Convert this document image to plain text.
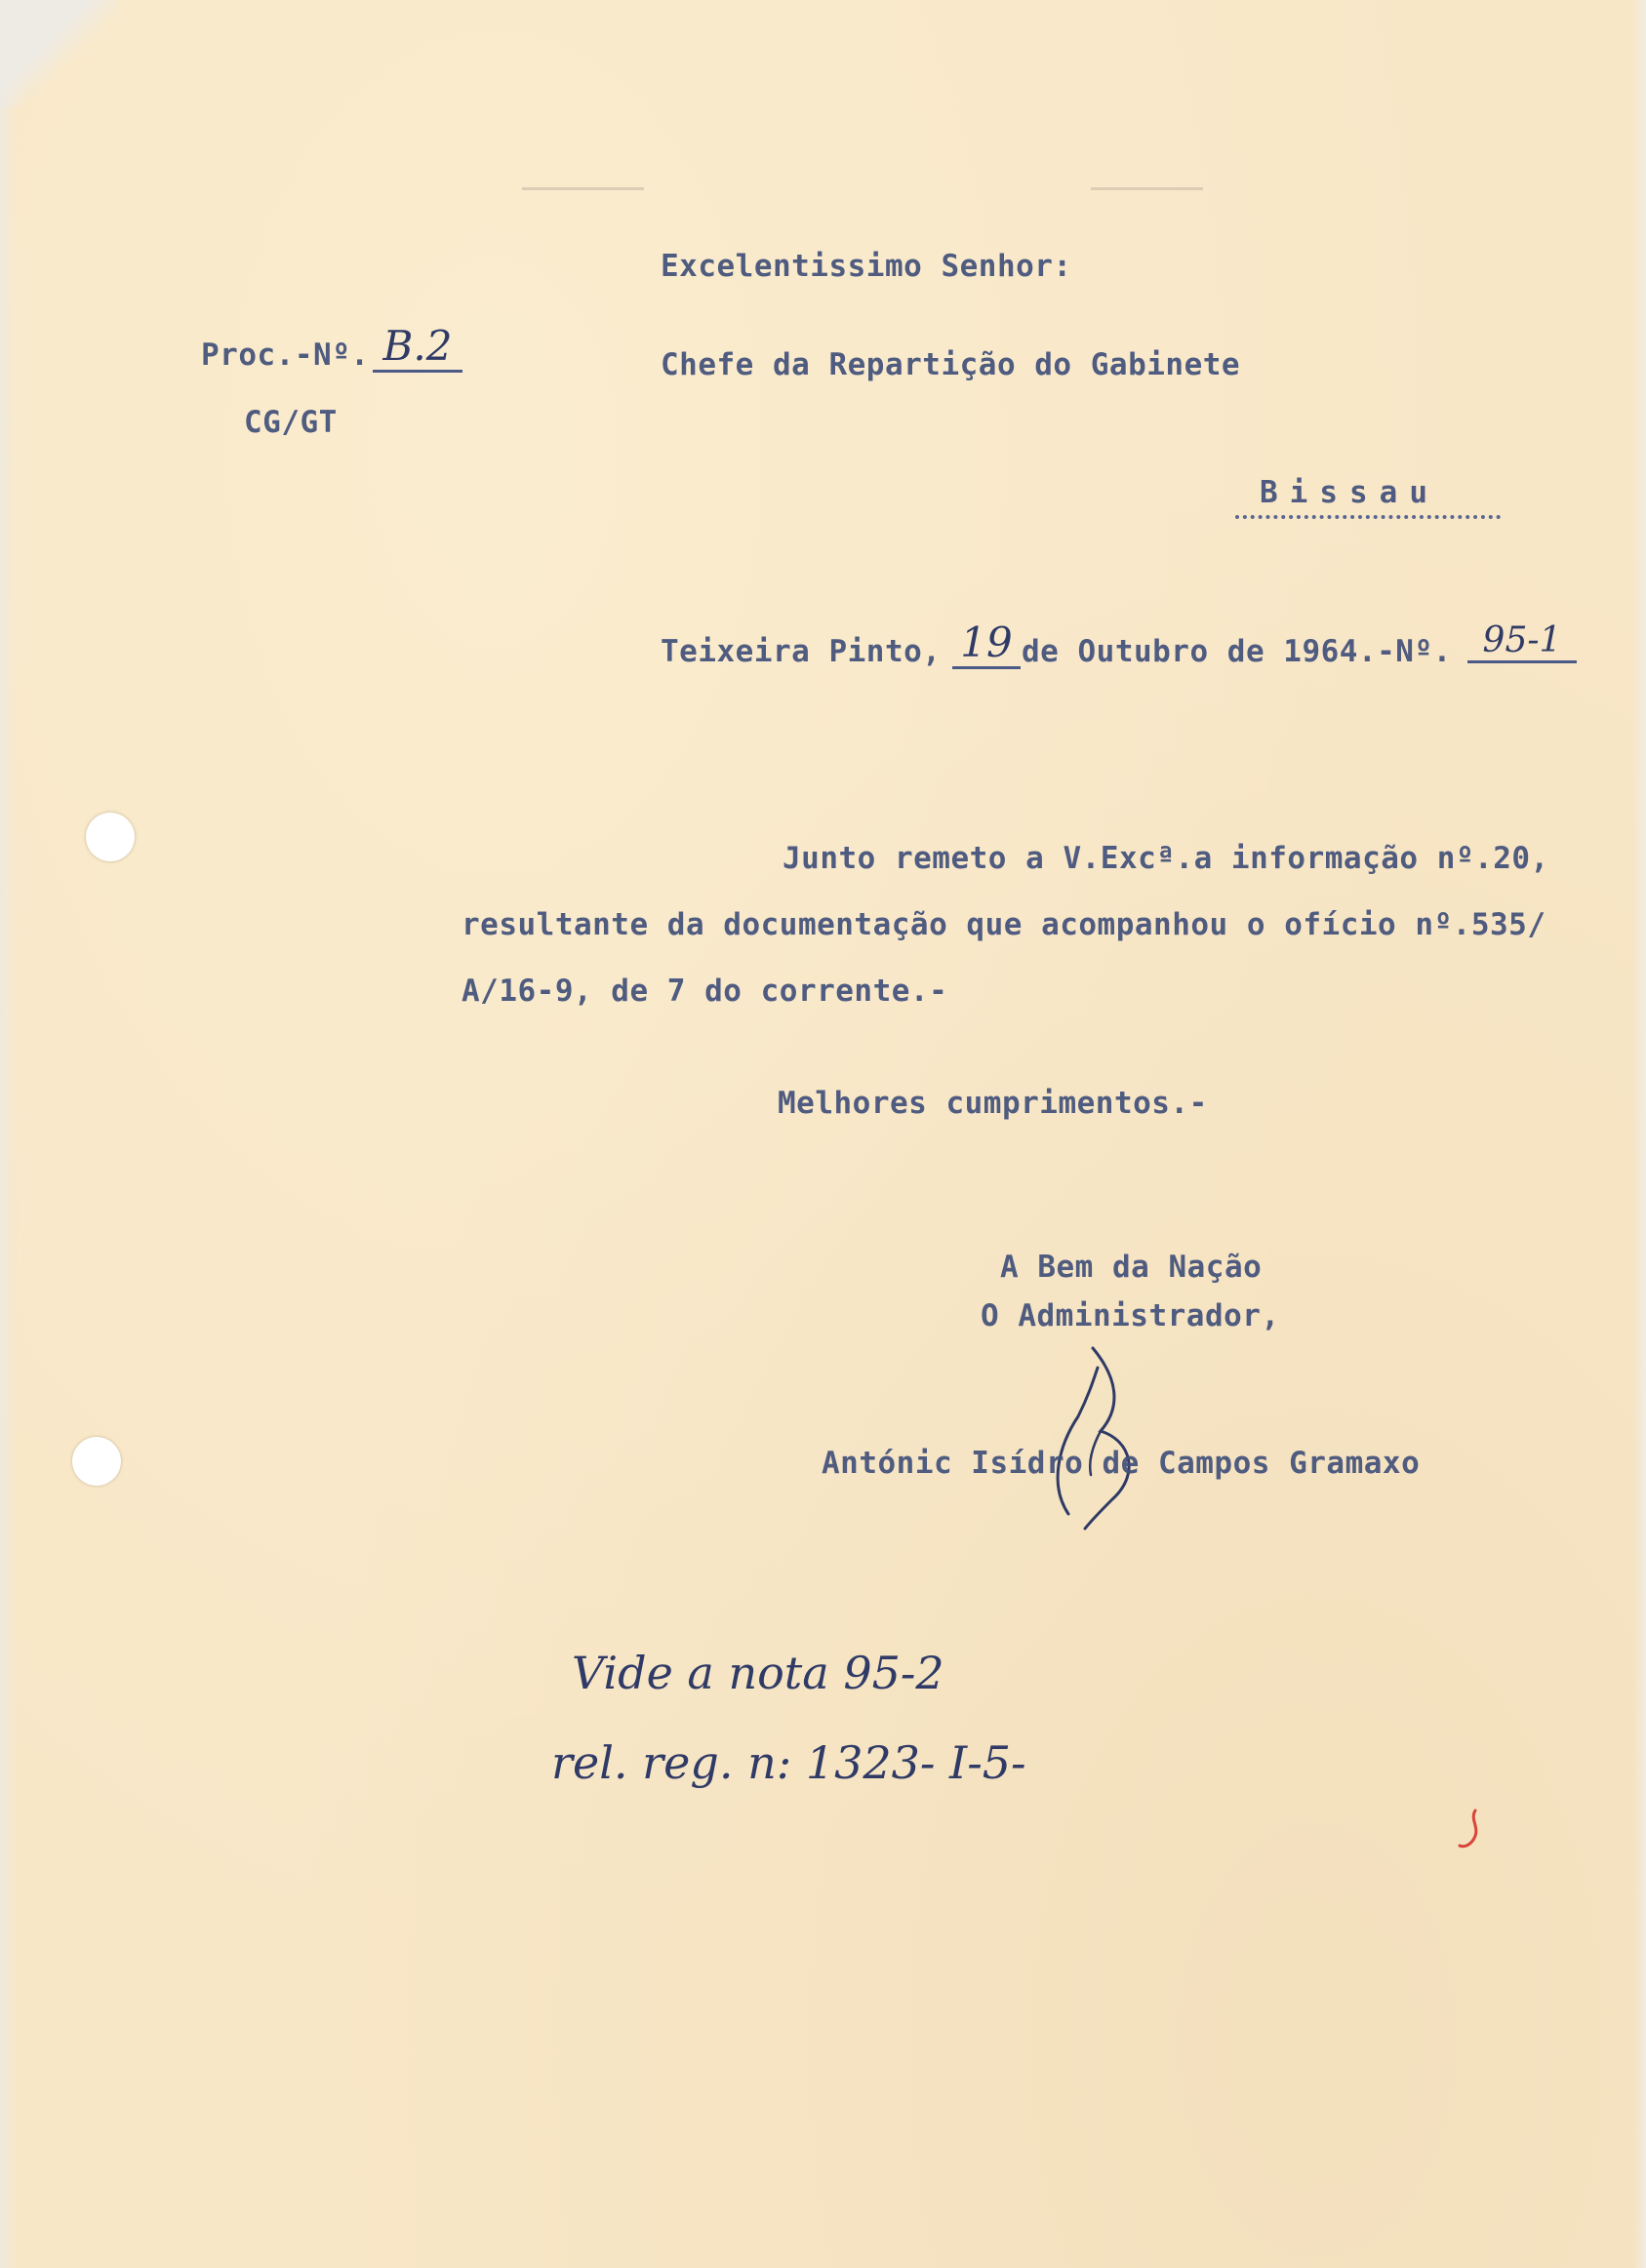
Excelentissimo Senhor:
Proc.-Nº. B.2	Chefe da Repartição do Gabinete
CG/GT
Bissau
Teixeira Pinto, 19 de Outubro de 1964.-Nº. 95-1
Junto remeto a V.Excª.a informação nº.20,
resultante da documentação que acompanhou o ofício nº.535/
A/16-9, de 7 do corrente.-
Melhores cumprimentos.-
A Bem da Nação
O Administrador,
Antónic Isídro de Campos Gramaxo
Vide a nota 95-2
rel. reg. n: 1323- I-5-
